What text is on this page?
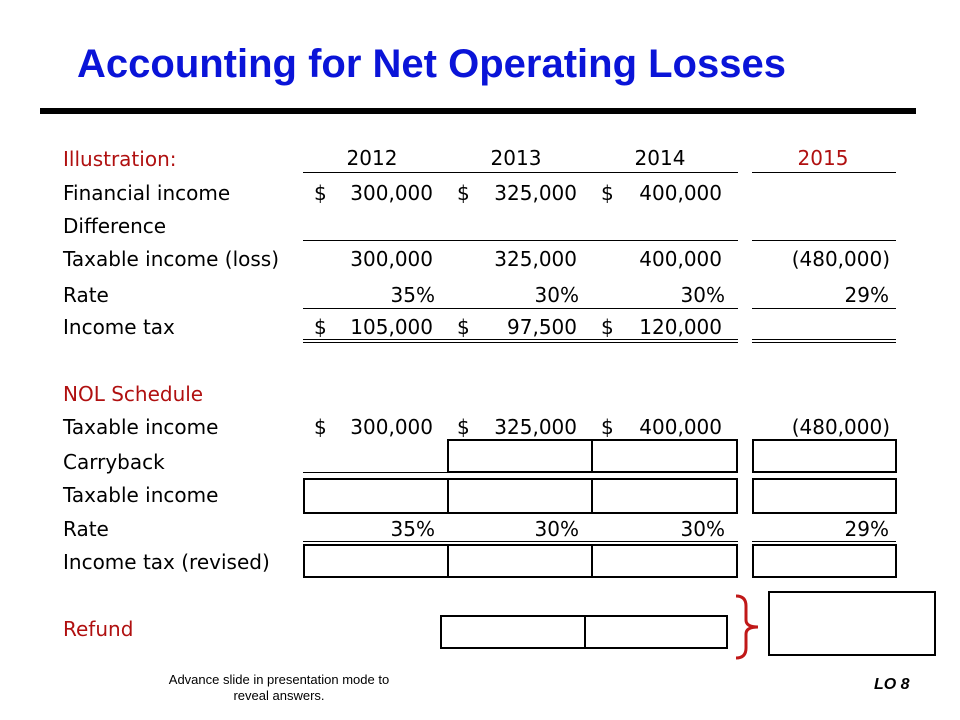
Accounting for Net Operating Losses
Illustration:	2012	2013	2014	2015
Financial income	$	300,000 $	325,000 $	400,000
Difference
Taxable income (loss)	300,000	325,000	400,000	(480,000)
Rate	35%	30%	30%	29%
Income tax	$	105,000 $	97,500 $	120,000
NOL Schedule
Taxable income	$	300,000 $	325,000 $	400,000	(480,000)
Carryback
Taxable income
Rate	35%	30%	30%	29%
Income tax (revised)
Refund
Advance slide in presentation mode to reveal answers.
LO 8
